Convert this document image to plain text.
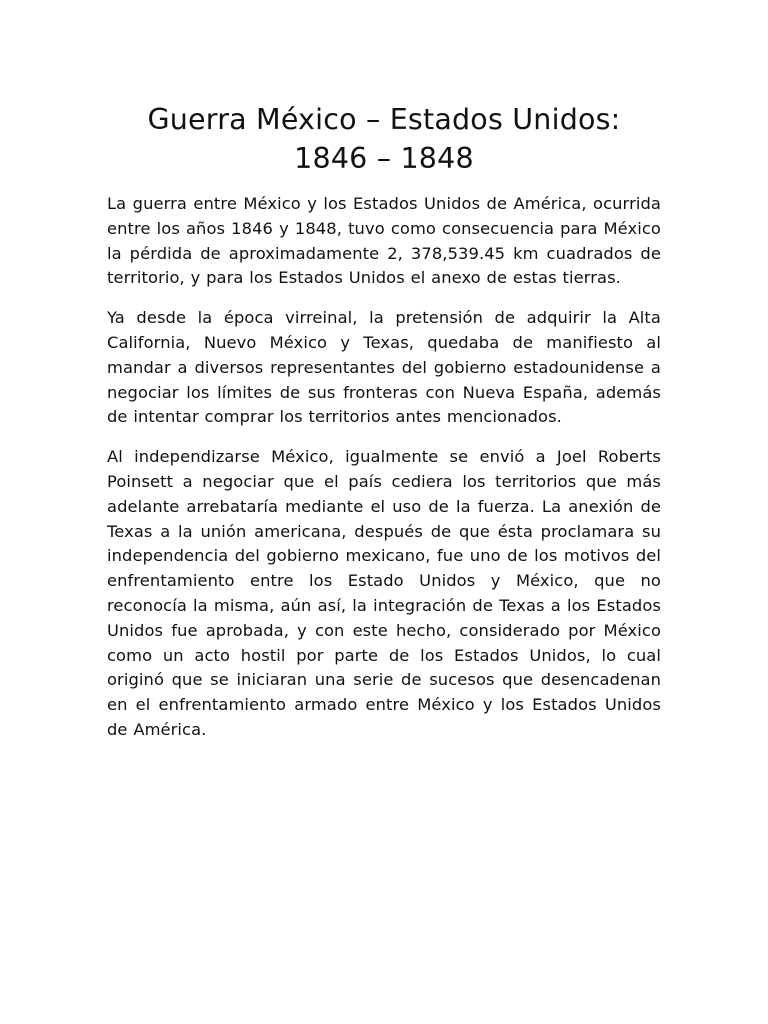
Guerra México – Estados Unidos:
1846 – 1848

La guerra entre México y los Estados Unidos de América, ocurrida entre los años 1846 y 1848, tuvo como consecuencia para México la pérdida de aproximadamente 2, 378,539.45 km cuadrados de territorio, y para los Estados Unidos el anexo de estas tierras.

Ya desde la época virreinal, la pretensión de adquirir la Alta California, Nuevo México y Texas, quedaba de manifiesto al mandar a diversos representantes del gobierno estadounidense a negociar los límites de sus fronteras con Nueva España, además de intentar comprar los territorios antes mencionados.

Al independizarse México, igualmente se envió a Joel Roberts Poinsett a negociar que el país cediera los territorios que más adelante arrebataría mediante el uso de la fuerza. La anexión de Texas a la unión americana, después de que ésta proclamara su independencia del gobierno mexicano, fue uno de los motivos del enfrentamiento entre los Estado Unidos y México, que no reconocía la misma, aún así, la integración de Texas a los Estados Unidos fue aprobada, y con este hecho, considerado por México como un acto hostil por parte de los Estados Unidos, lo cual originó que se iniciaran una serie de sucesos que desencadenan en el enfrentamiento armado entre México y los Estados Unidos de América.
